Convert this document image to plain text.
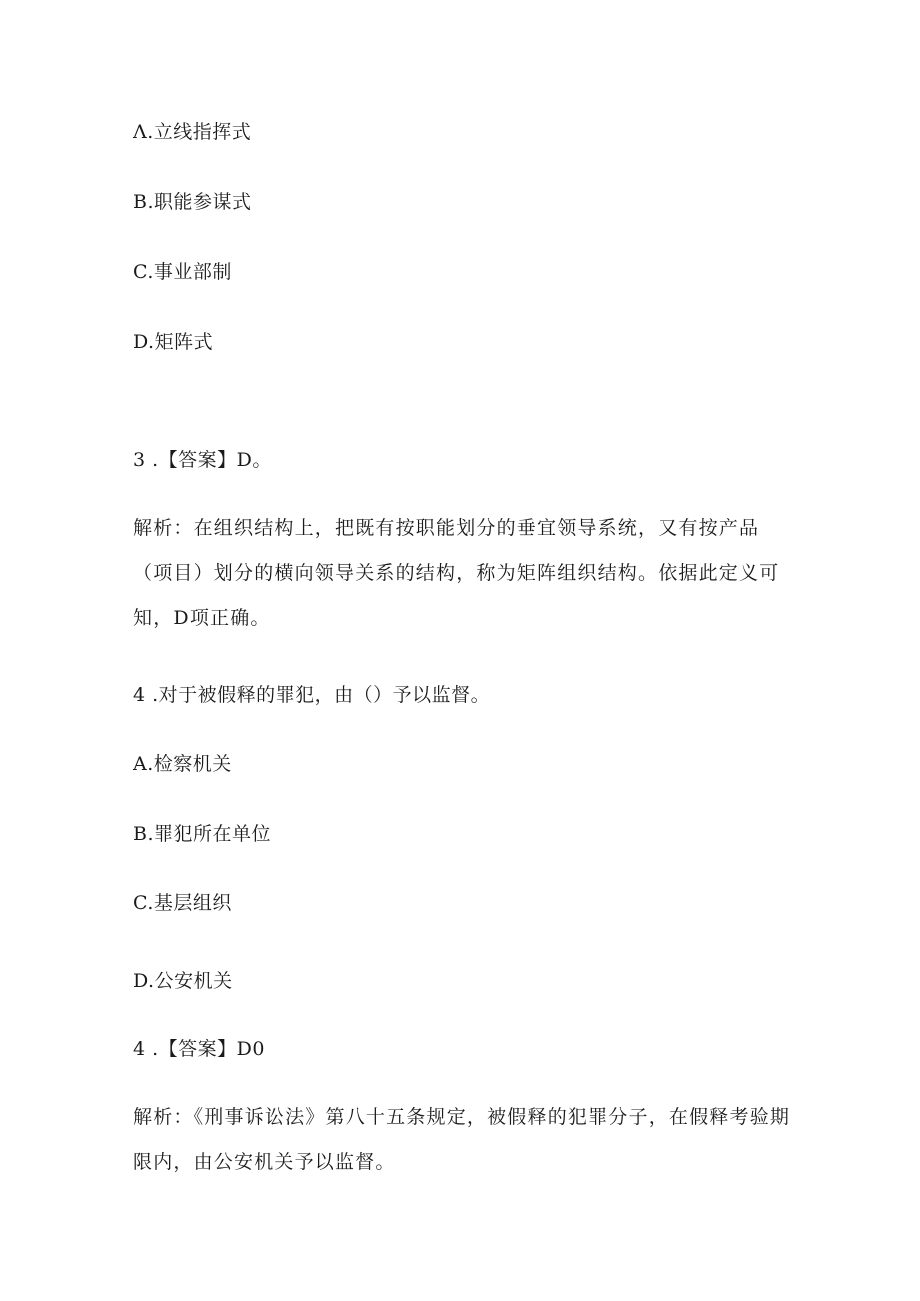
Λ.立线指挥式
B.职能参谋式
C.事业部制
D.矩阵式
3 .【答案】D。
解析：在组织结构上，把既有按职能划分的垂宜领导系统，又有按产品（项目）划分的横向领导关系的结构，称为矩阵组织结构。依据此定义可知，D项正确。
4 .对于被假释的罪犯，由（）予以监督。
A.检察机关
B.罪犯所在单位
C.基层组织
D.公安机关
4 .【答案】D0
解析：《刑事诉讼法》第八十五条规定，被假释的犯罪分子，在假释考验期限内，由公安机关予以监督。
